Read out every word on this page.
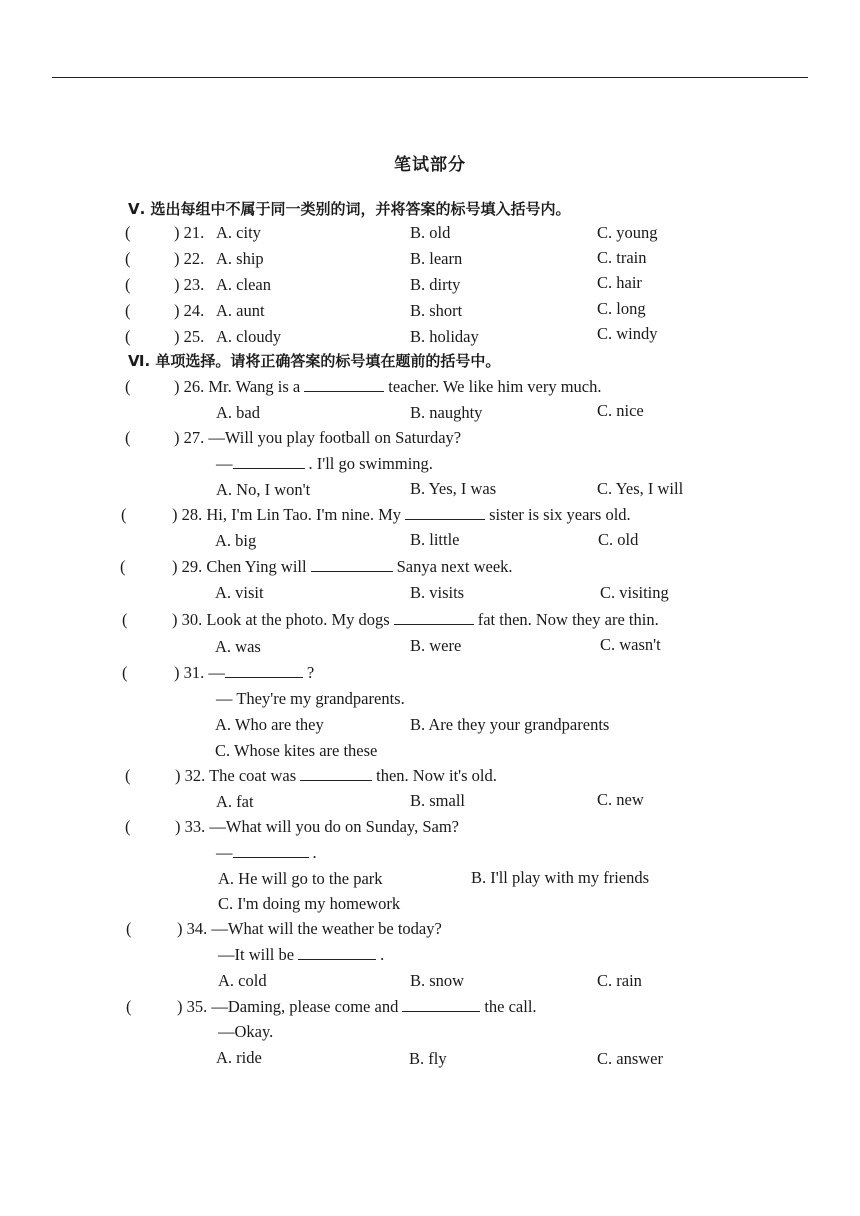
笔试部分
Ⅴ. 选出每组中不属于同一类别的词，并将答案的标号填入括号内。
(	) 21. A. city	B. old	C. young
(	) 22. A. ship	B. learn	C. train
(	) 23. A. clean	B. dirty	C. hair
(	) 24. A. aunt	B. short	C. long
(	) 25. A. cloudy	B. holiday	C. windy
Ⅵ. 单项选择。请将正确答案的标号填在题前的括号中。
(	) 26. Mr. Wang is a	teacher. We like him very much.
A. bad	B. naughty	C. nice
(	) 27. —Will you play football on Saturday?
—	. I'll go swimming.
A. No, I won't	B. Yes, I was	C. Yes, I will
(	) 28. Hi, I'm Lin Tao. I'm nine. My	sister is six years old.
A. big	B. little	C. old
(	) 29. Chen Ying will	Sanya next week.
A. visit	B. visits	C. visiting
(	) 30. Look at the photo. My dogs	fat then. Now they are thin.
A. was	B. were	C. wasn't
(	) 31. —	?
— They're my grandparents.
A. Who are they	B. Are they your grandparents
C. Whose kites are these
(	) 32. The coat was	then. Now it's old.
A. fat	B. small	C. new
(	) 33. —What will you do on Sunday, Sam?
—	.
A. He will go to the park	B. I'll play with my friends
C. I'm doing my homework
(	) 34. —What will the weather be today?
—It will be	.
A. cold	B. snow	C. rain
(	) 35. —Daming, please come and	the call.
—Okay.
A. ride	B. fly	C. answer
